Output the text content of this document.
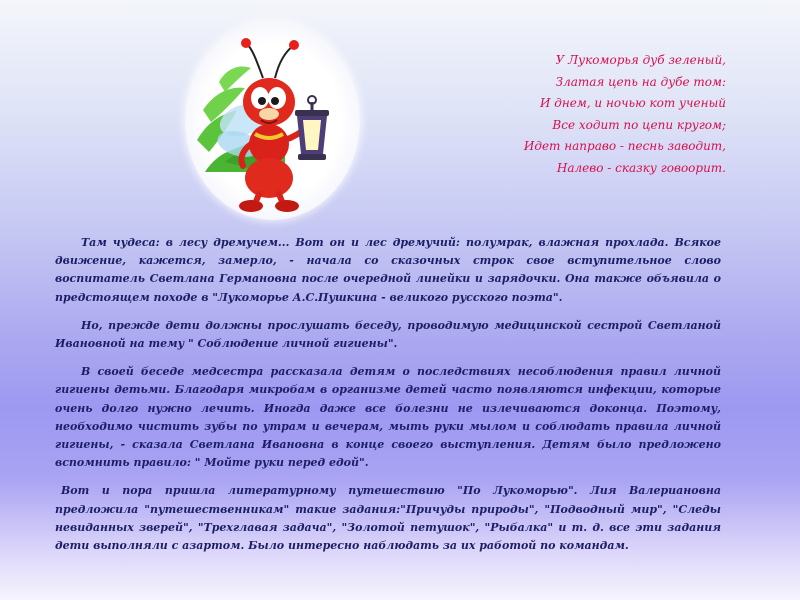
У Лукоморья дуб зеленый,
Златая цепь на дубе том:
И днем, и ночью кот ученый
Все ходит по цепи кругом;
Идет направо - песнь заводит,
Налево - сказку говоорит.

Там чудеса: в лесу дремучем... Вот он и лес дремучий: полумрак, влажная прохлада. Всякое движение, кажется, замерло, - начала со сказочных строк свое вступительное слово воспитатель Светлана Германовна после очередной линейки и зарядочки. Она также объявила о предстоящем походе в "Лукоморье А.С.Пушкина - великого русского поэта".

Но, прежде дети должны прослушать беседу, проводимую медицинской сестрой Светланой Ивановной на тему " Соблюдение личной гигиены".

В своей беседе медсестра рассказала детям о последствиях несоблюдения правил личной гигиены детьми. Благодаря микробам в организме детей часто появляются инфекции, которые очень долго нужно лечить. Иногда даже все болезни не излечиваются доконца. Поэтому, необходимо чистить зубы по утрам и вечерам, мыть руки мылом и соблюдать правила личной гигиены, - сказала Светлана Ивановна в конце своего выступления. Детям было предложено вспомнить правило: " Мойте руки перед едой".

Вот и пора пришла литературному путешествию "По Лукоморью". Лия Валериановна предложила "путешественникам" такие задания:"Причуды природы", "Подводный мир", "Следы невиданных зверей", "Трехглавая задача", "Золотой петушок", "Рыбалка" и т. д. все эти задания дети выполняли с азартом. Было интересно наблюдать за их работой по командам.
